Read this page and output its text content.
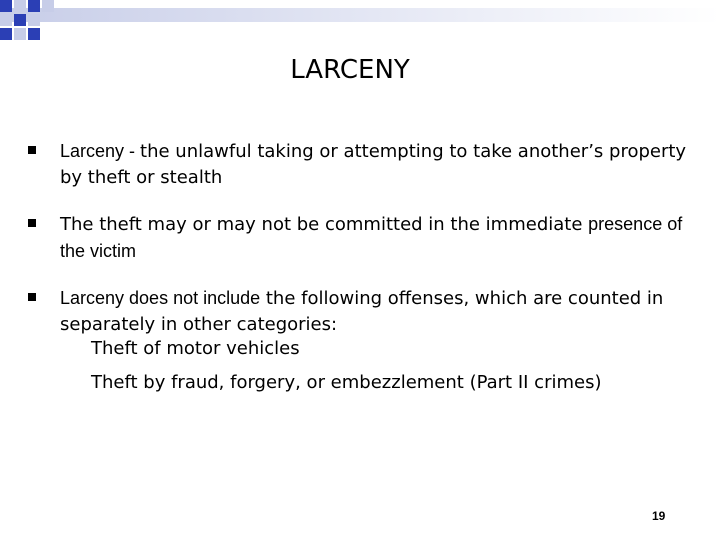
LARCENY
Larceny - the unlawful taking or attempting to take another’s property by theft or stealth
The theft may or may not be committed in the immediate presence of the victim
Larceny does not include the following offenses, which are counted in separately in other categories:
Theft of motor vehicles
Theft by fraud, forgery, or embezzlement (Part II crimes)
19
